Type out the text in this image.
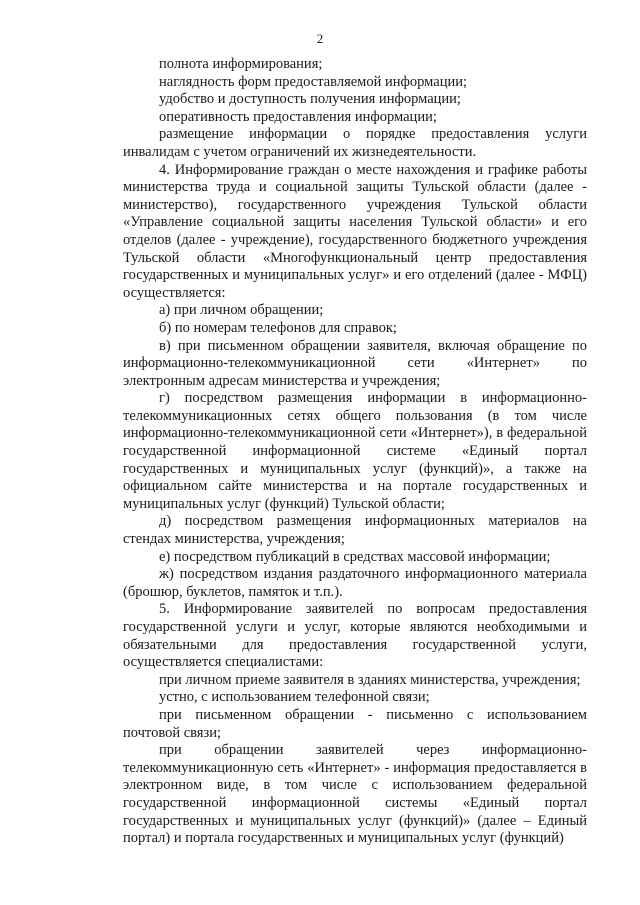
2

полнота информирования;

наглядность форм предоставляемой информации;

удобство и доступность получения информации;

оперативность предоставления информации;

размещение информации о порядке предоставления услуги инвалидам с учетом ограничений их жизнедеятельности.

4. Информирование граждан о месте нахождения и графике работы министерства труда и социальной защиты Тульской области (далее - министерство), государственного учреждения Тульской области «Управление социальной защиты населения Тульской области» и его отделов (далее - учреждение), государственного бюджетного учреждения Тульской области «Многофункциональный центр предоставления государственных и муниципальных услуг» и его отделений (далее - МФЦ) осуществляется:

а) при личном обращении;

б) по номерам телефонов для справок;

в) при письменном обращении заявителя, включая обращение по информационно-телекоммуникационной сети «Интернет» по электронным адресам министерства и учреждения;

г) посредством размещения информации в информационно-телекоммуникационных сетях общего пользования (в том числе информационно-телекоммуникационной сети «Интернет»), в федеральной государственной информационной системе «Единый портал государственных и муниципальных услуг (функций)», а также на официальном сайте министерства и на портале государственных и муниципальных услуг (функций) Тульской области;

д) посредством размещения информационных материалов на стендах министерства, учреждения;

е) посредством публикаций в средствах массовой информации;

ж) посредством издания раздаточного информационного материала (брошюр, буклетов, памяток и т.п.).

5. Информирование заявителей по вопросам предоставления государственной услуги и услуг, которые являются необходимыми и обязательными для предоставления государственной услуги, осуществляется специалистами:

при личном приеме заявителя в зданиях министерства, учреждения;

устно, с использованием телефонной связи;

при письменном обращении - письменно с использованием почтовой связи;

при обращении заявителей через информационно-телекоммуникационную сеть «Интернет» - информация предоставляется в электронном виде, в том числе с использованием федеральной государственной информационной системы «Единый портал государственных и муниципальных услуг (функций)» (далее – Единый портал) и портала государственных и муниципальных услуг (функций)
